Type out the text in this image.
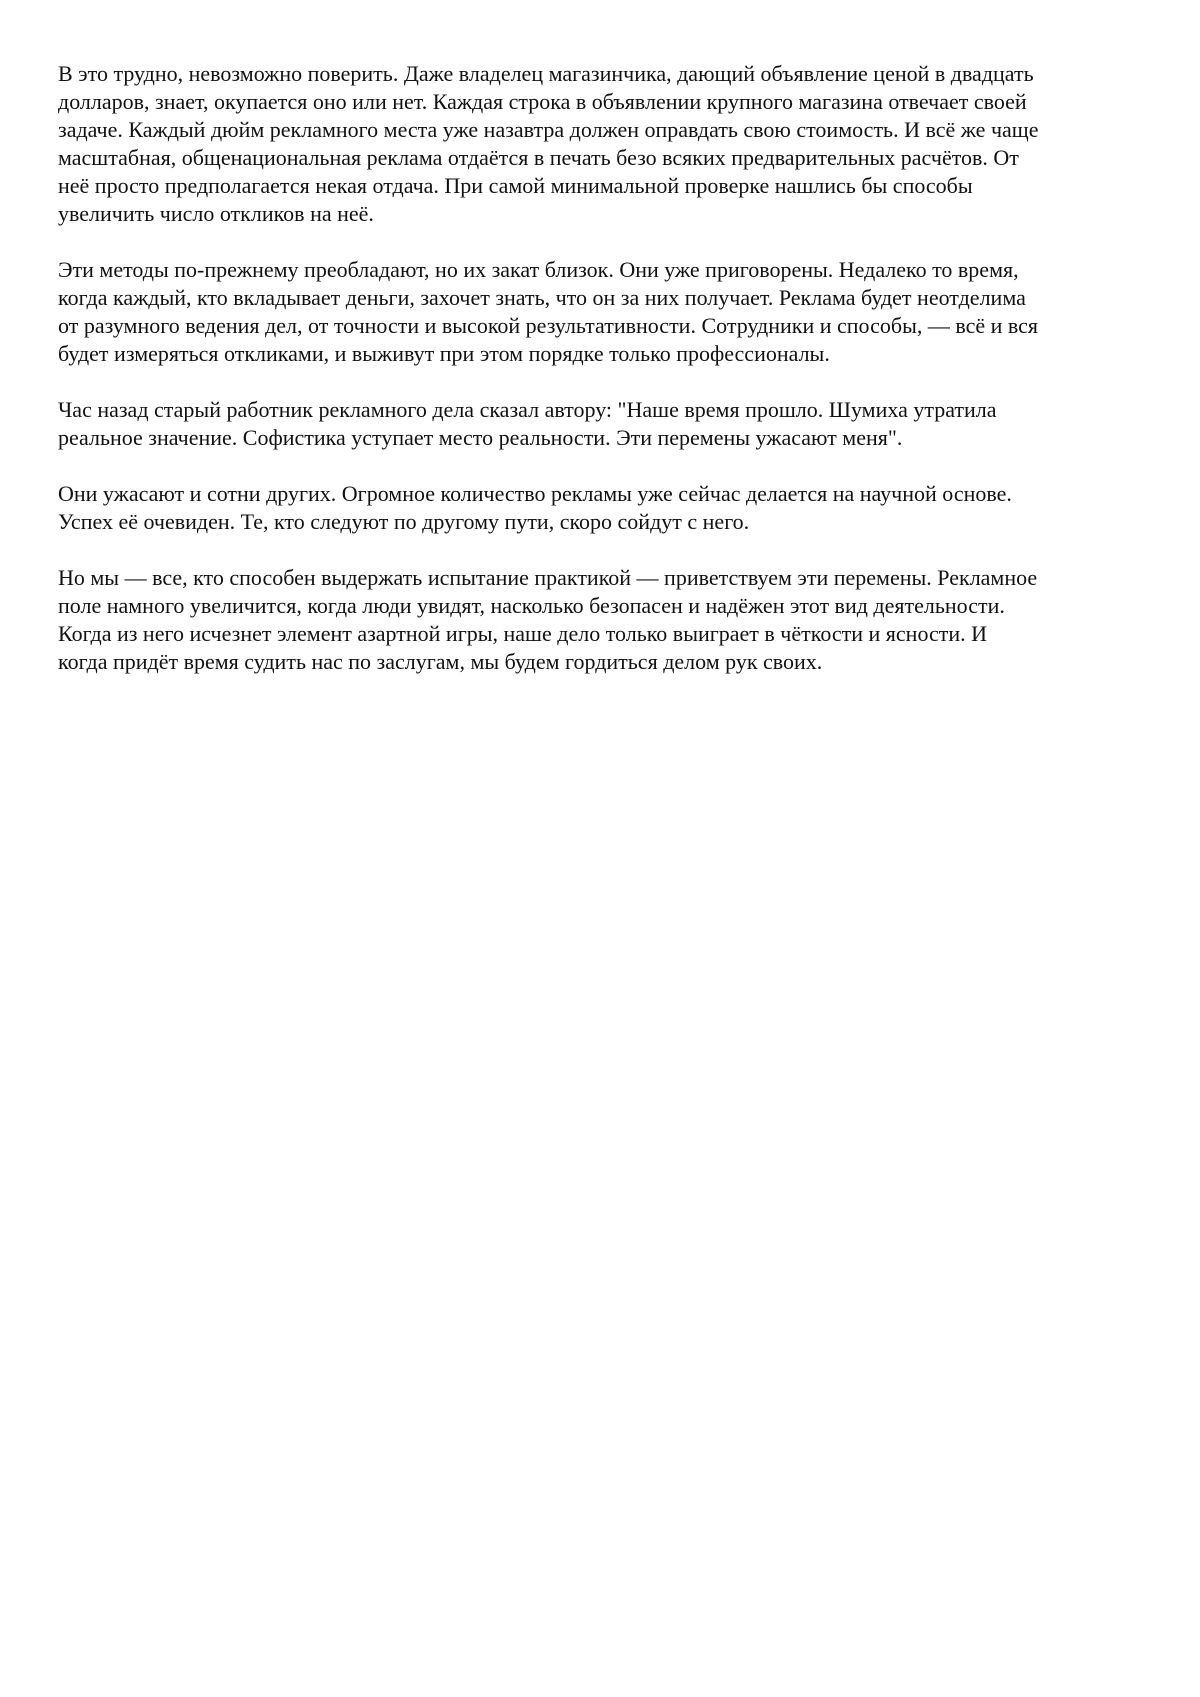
В это трудно, невозможно поверить. Даже владелец магазинчика, дающий объявление ценой в двадцать
долларов, знает, окупается оно или нет. Каждая строка в объявлении крупного магазина отвечает своей
задаче. Каждый дюйм рекламного места уже назавтра должен оправдать свою стоимость. И всё же чаще
масштабная, общенациональная реклама отдаётся в печать безо всяких предварительных расчётов. От
неё просто предполагается некая отдача. При самой минимальной проверке нашлись бы способы
увеличить число откликов на неё.

Эти методы по-прежнему преобладают, но их закат близок. Они уже приговорены. Недалеко то время,
когда каждый, кто вкладывает деньги, захочет знать, что он за них получает. Реклама будет неотделима
от разумного ведения дел, от точности и высокой результативности. Сотрудники и способы, — всё и вся
будет измеряться откликами, и выживут при этом порядке только профессионалы.

Час назад старый работник рекламного дела сказал автору: "Наше время прошло. Шумиха утратила
реальное значение. Софистика уступает место реальности. Эти перемены ужасают меня".

Они ужасают и сотни других. Огромное количество рекламы уже сейчас делается на научной основе.
Успех её очевиден. Те, кто следуют по другому пути, скоро сойдут с него.

Но мы — все, кто способен выдержать испытание практикой — приветствуем эти перемены. Рекламное
поле намного увеличится, когда люди увидят, насколько безопасен и надёжен этот вид деятельности.
Когда из него исчезнет элемент азартной игры, наше дело только выиграет в чёткости и ясности. И
когда придёт время судить нас по заслугам, мы будем гордиться делом рук своих.
